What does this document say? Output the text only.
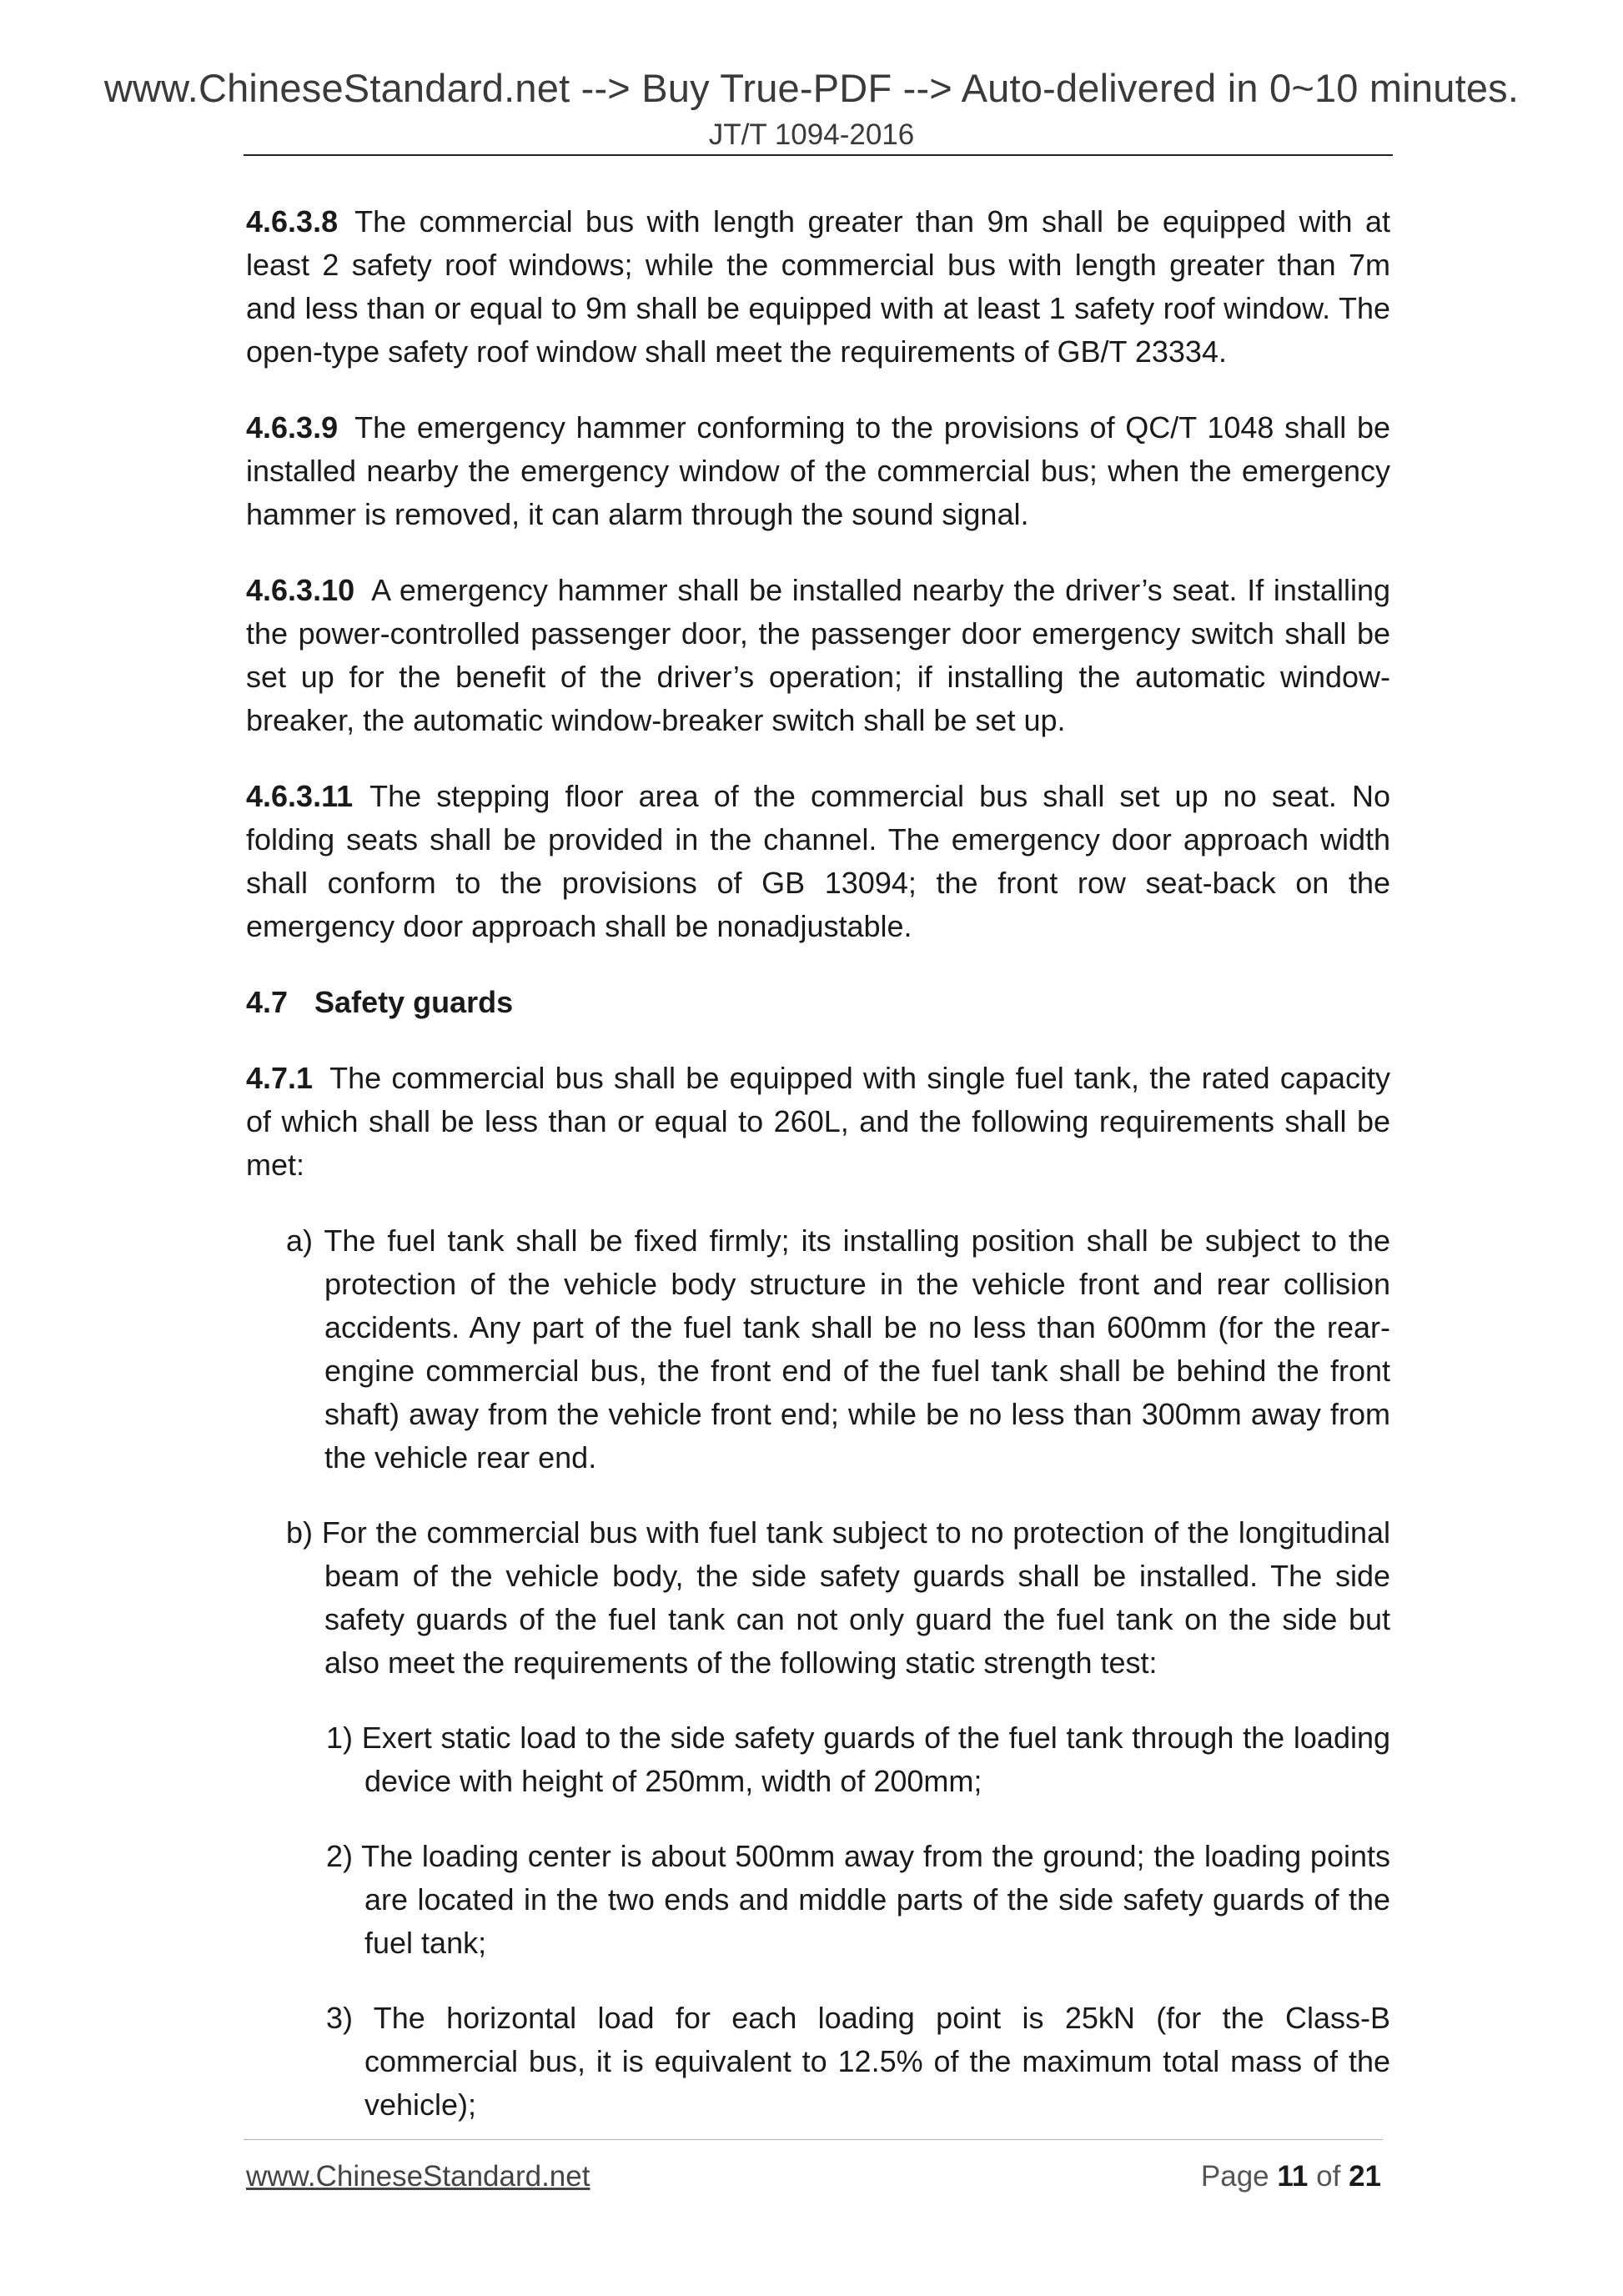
www.ChineseStandard.net --> Buy True-PDF --> Auto-delivered in 0~10 minutes.
JT/T 1094-2016

4.6.3.8 The commercial bus with length greater than 9m shall be equipped with at least 2 safety roof windows; while the commercial bus with length greater than 7m and less than or equal to 9m shall be equipped with at least 1 safety roof window. The open-type safety roof window shall meet the requirements of GB/T 23334.

4.6.3.9 The emergency hammer conforming to the provisions of QC/T 1048 shall be installed nearby the emergency window of the commercial bus; when the emergency hammer is removed, it can alarm through the sound signal.

4.6.3.10 A emergency hammer shall be installed nearby the driver’s seat. If installing the power-controlled passenger door, the passenger door emergency switch shall be set up for the benefit of the driver’s operation; if installing the automatic window-breaker, the automatic window-breaker switch shall be set up.

4.6.3.11 The stepping floor area of the commercial bus shall set up no seat. No folding seats shall be provided in the channel. The emergency door approach width shall conform to the provisions of GB 13094; the front row seat-back on the emergency door approach shall be nonadjustable.

4.7 Safety guards

4.7.1 The commercial bus shall be equipped with single fuel tank, the rated capacity of which shall be less than or equal to 260L, and the following requirements shall be met:

a) The fuel tank shall be fixed firmly; its installing position shall be subject to the protection of the vehicle body structure in the vehicle front and rear collision accidents. Any part of the fuel tank shall be no less than 600mm (for the rear-engine commercial bus, the front end of the fuel tank shall be behind the front shaft) away from the vehicle front end; while be no less than 300mm away from the vehicle rear end.

b) For the commercial bus with fuel tank subject to no protection of the longitudinal beam of the vehicle body, the side safety guards shall be installed. The side safety guards of the fuel tank can not only guard the fuel tank on the side but also meet the requirements of the following static strength test:

1) Exert static load to the side safety guards of the fuel tank through the loading device with height of 250mm, width of 200mm;

2) The loading center is about 500mm away from the ground; the loading points are located in the two ends and middle parts of the side safety guards of the fuel tank;

3) The horizontal load for each loading point is 25kN (for the Class-B commercial bus, it is equivalent to 12.5% of the maximum total mass of the vehicle);

www.ChineseStandard.net	Page 11 of 21
